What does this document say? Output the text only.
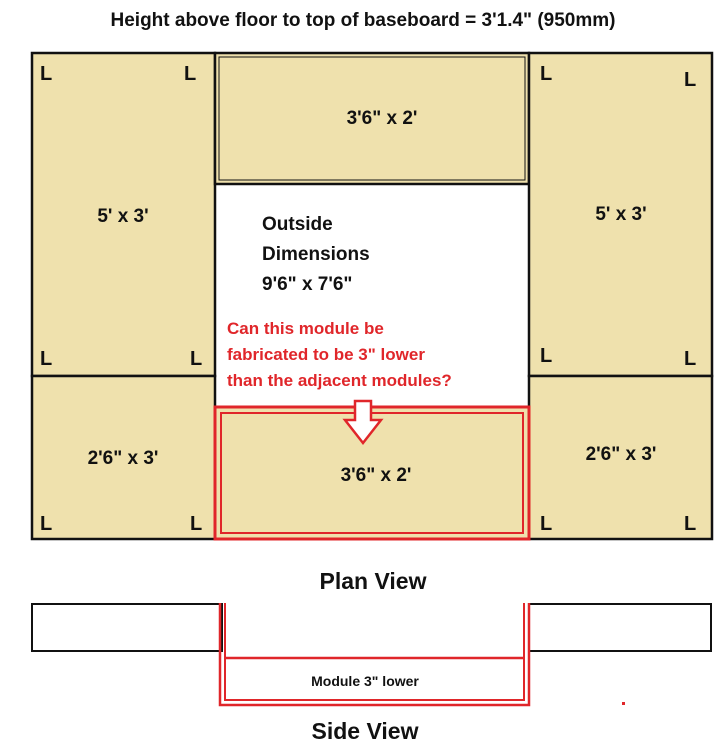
Height above floor to top of baseboard = 3'1.4" (950mm)
5' x 3'
L	L
L	L
2'6" x 3'
L	L
3'6" x 2'
5' x 3'
L	L
L	L
2'6" x 3'
L	L
3'6" x 2'
Outside
Dimensions
9'6" x 7'6"
Can this module be
fabricated to be 3" lower
than the adjacent modules?
Plan View
Module 3" lower
Side View
